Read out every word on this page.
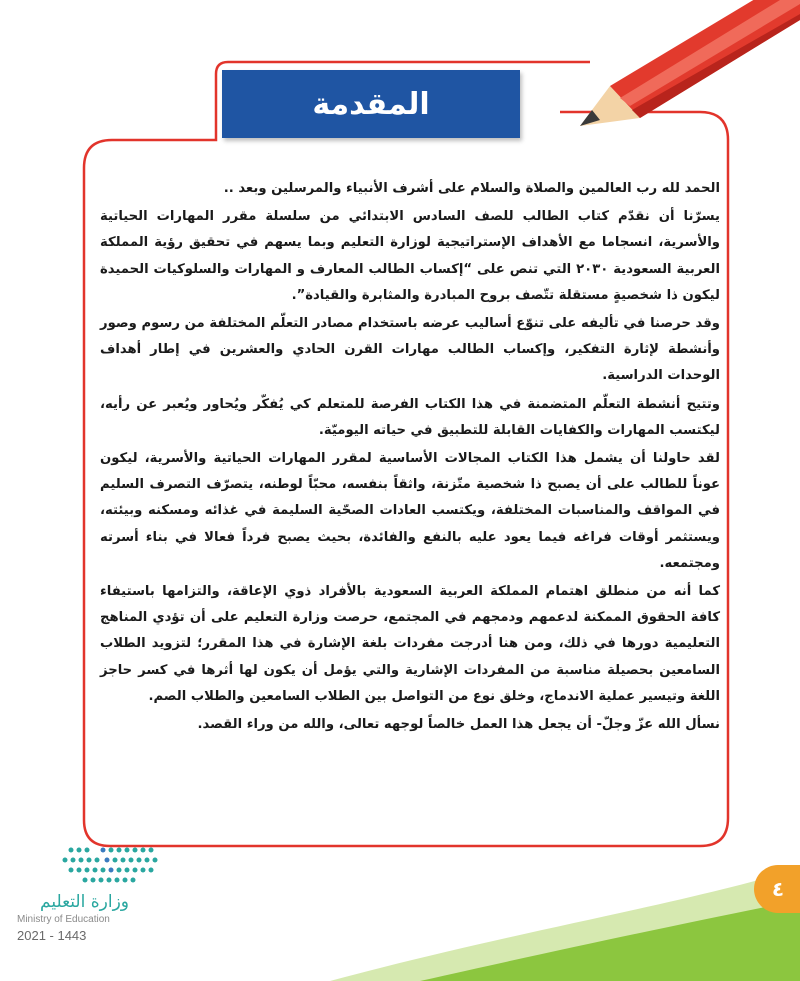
المقدمة

الحمد لله رب العالمين والصلاة والسلام على أشرف الأنبياء والمرسلين وبعد ..

يسرّنا أن نقدّم كتاب الطالب للصف السادس الابتدائي من سلسلة مقرر المهارات الحياتية والأسرية، انسجاما مع الأهداف الإستراتيجية لوزارة التعليم وبما يسهم في تحقيق رؤية المملكة العربية السعودية ٢٠٣٠ التي تنص على “إكساب الطالب المعارف و المهارات والسلوكيات الحميدة ليكون ذا شخصيةٍ مستقلة تتّصف بروح المبادرة والمثابرة والقيادة”.

وقد حرصنا في تأليفه على تنوّع أساليب عرضه باستخدام مصادر التعلّم المختلفة من رسوم وصور وأنشطة لإثارة التفكير، وإكساب الطالب مهارات القرن الحادي والعشرين في إطار أهداف الوحدات الدراسية.

وتتيح أنشطة التعلّم المتضمنة في هذا الكتاب الفرصة للمتعلم كي يُفكّر ويُحاور ويُعبر عن رأيه، ليكتسب المهارات والكفايات القابلة للتطبيق في حياته اليوميّة.

لقد حاولنا أن يشمل هذا الكتاب المجالات الأساسية لمقرر المهارات الحياتية والأسرية، ليكون عوناً للطالب على أن يصبح ذا شخصية متّزنة، واثقاً بنفسه، محبّاً لوطنه، يتصرّف التصرف السليم في المواقف والمناسبات المختلفة، ويكتسب العادات الصحّية السليمة في غذائه ومسكنه وبيئته، ويستثمر أوقات فراغه فيما يعود عليه بالنفع والفائدة، بحيث يصبح فرداً فعالا في بناء أسرته ومجتمعه.

كما أنه من منطلق اهتمام المملكة العربية السعودية بالأفراد ذوي الإعاقة، والتزامها باستيفاء كافة الحقوق الممكنة لدعمهم ودمجهم في المجتمع، حرصت وزارة التعليم على أن تؤدي المناهج التعليمية دورها في ذلك، ومن هنا أدرجت مفردات بلغة الإشارة في هذا المقرر؛ لتزويد الطلاب السامعين بحصيلة مناسبة من المفردات الإشارية والتي يؤمل أن يكون لها أثرها في كسر حاجز اللغة وتيسير عملية الاندماج، وخلق نوع من التواصل بين الطلاب السامعين والطلاب الصم.

نسأل الله عزّ وجلّ- أن يجعل هذا العمل خالصاً لوجهه تعالى، والله من وراء القصد.

٤
وزارة التعليم
Ministry of Education
2021 - 1443
